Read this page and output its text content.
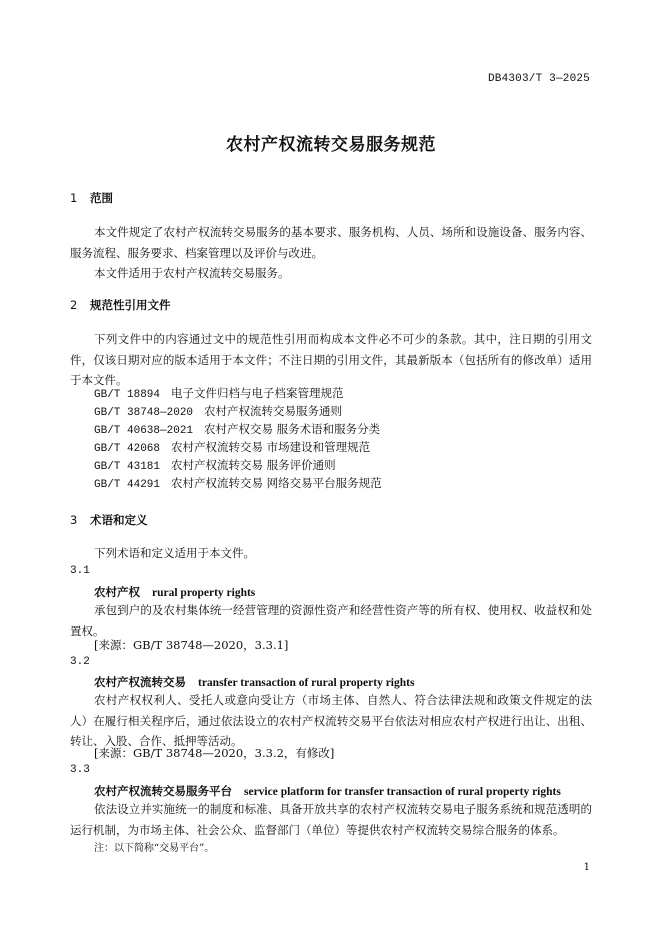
DB4303/T 3—2025
农村产权流转交易服务规范
1 范围
本文件规定了农村产权流转交易服务的基本要求、服务机构、人员、场所和设施设备、服务内容、服务流程、服务要求、档案管理以及评价与改进。
本文件适用于农村产权流转交易服务。
2 规范性引用文件
下列文件中的内容通过文中的规范性引用而构成本文件必不可少的条款。其中，注日期的引用文件，仅该日期对应的版本适用于本文件；不注日期的引用文件，其最新版本（包括所有的修改单）适用于本文件。
GB/T 18894 电子文件归档与电子档案管理规范
GB/T 38748—2020 农村产权流转交易服务通则
GB/T 40638—2021 农村产权交易 服务术语和服务分类
GB/T 42068 农村产权流转交易 市场建设和管理规范
GB/T 43181 农村产权流转交易 服务评价通则
GB/T 44291 农村产权流转交易 网络交易平台服务规范
3 术语和定义
下列术语和定义适用于本文件。
3.1
农村产权 rural property rights
承包到户的及农村集体统一经营管理的资源性资产和经营性资产等的所有权、使用权、收益权和处置权。
[来源：GB/T 38748—2020，3.3.1]
3.2
农村产权流转交易 transfer transaction of rural property rights
农村产权权利人、受托人或意向受让方（市场主体、自然人、符合法律法规和政策文件规定的法人）在履行相关程序后，通过依法设立的农村产权流转交易平台依法对相应农村产权进行出让、出租、转让、入股、合作、抵押等活动。
[来源：GB/T 38748—2020，3.3.2，有修改]
3.3
农村产权流转交易服务平台 service platform for transfer transaction of rural property rights
依法设立并实施统一的制度和标准、具备开放共享的农村产权流转交易电子服务系统和规范透明的运行机制，为市场主体、社会公众、监督部门（单位）等提供农村产权流转交易综合服务的体系。
注：以下简称“交易平台”。
1
